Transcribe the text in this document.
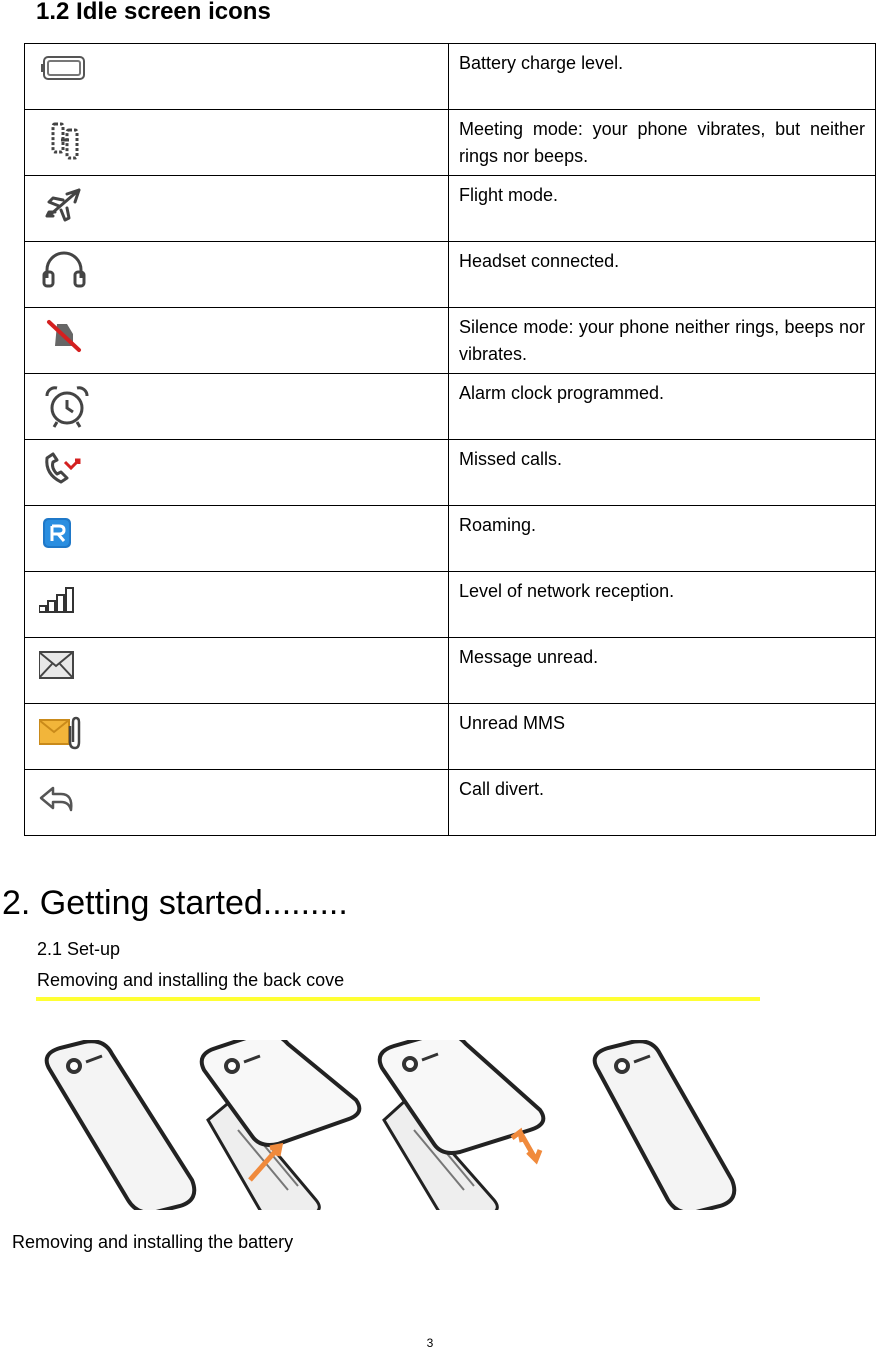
1.2 Idle screen icons
	Battery charge level.

	Meeting mode: your phone vibrates, but neither rings nor beeps.

	Flight mode.

	Headset connected.

	Silence mode: your phone neither rings, beeps nor vibrates.

	Alarm clock programmed.

	Missed calls.

	Roaming.

	Level of network reception.

	Message unread.

	Unread MMS

	Call divert.
2. Getting started.........
2.1 Set-up
Removing and installing the back cove
Removing and installing the battery
3
